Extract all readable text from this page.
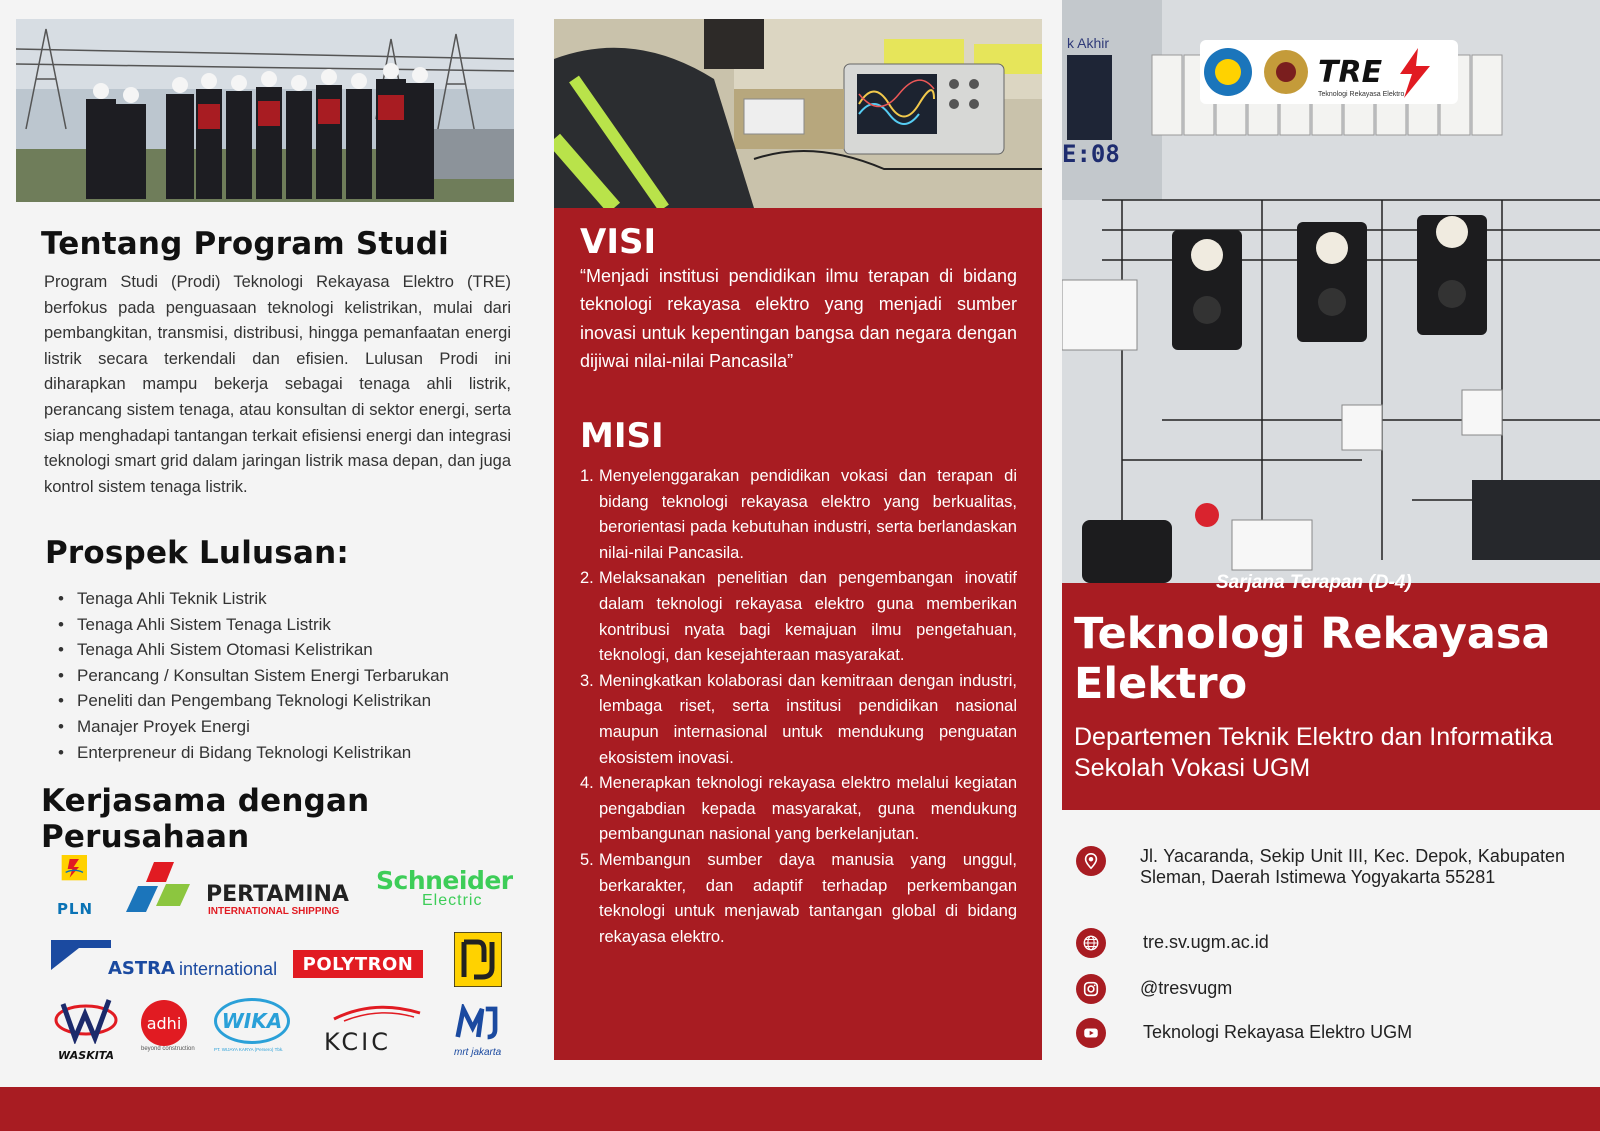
Tentang Program Studi
Program Studi (Prodi) Teknologi Rekayasa Elektro (TRE) berfokus pada penguasaan teknologi kelistrikan, mulai dari pembangkitan, transmisi, distribusi, hingga pemanfaatan energi listrik secara terkendali dan efisien. Lulusan Prodi ini diharapkan mampu bekerja sebagai tenaga ahli listrik, perancang sistem tenaga, atau konsultan di sektor energi, serta siap menghadapi tantangan terkait efisiensi energi dan integrasi teknologi smart grid dalam jaringan listrik masa depan, dan juga kontrol sistem tenaga listrik.
Prospek Lulusan:
• Tenaga Ahli Teknik Listrik
• Tenaga Ahli Sistem Tenaga Listrik
• Tenaga Ahli Sistem Otomasi Kelistrikan
• Perancang / Konsultan Sistem Energi Terbarukan
• Peneliti dan Pengembang Teknologi Kelistrikan
• Manajer Proyek Energi
• Enterpreneur di Bidang Teknologi Kelistrikan
Kerjasama dengan Perusahaan
PLN
PERTAMINA
INTERNATIONAL SHIPPING
Schneider
Electric
ASTRA international POLYTRON
WASKITA
adhi
beyond construction
WIKA
PT. WIJAYA KARYA (Persero) Tbk.	KCIC	mrt jakarta
VISI
“Menjadi institusi pendidikan ilmu terapan di bidang teknologi rekayasa elektro yang menjadi sumber inovasi untuk kepentingan bangsa dan negara dengan dijiwai nilai-nilai Pancasila”
MISI
1. Menyelenggarakan pendidikan vokasi dan terapan di bidang teknologi rekayasa elektro yang berkualitas, berorientasi pada kebutuhan industri, serta berlandaskan nilai-nilai Pancasila.
2. Melaksanakan penelitian dan pengembangan inovatif dalam teknologi rekayasa elektro guna memberikan kontribusi nyata bagi kemajuan ilmu pengetahuan, teknologi, dan kesejahteraan masyarakat.
3. Meningkatkan kolaborasi dan kemitraan dengan industri, lembaga riset, serta institusi pendidikan nasional maupun internasional untuk mendukung penguatan ekosistem inovasi.
4. Menerapkan teknologi rekayasa elektro melalui kegiatan pengabdian kepada masyarakat, guna mendukung pembangunan nasional yang berkelanjutan.
5. Membangun sumber daya manusia yang unggul, berkarakter, dan adaptif terhadap perkembangan teknologi untuk menjawab tantangan global di bidang rekayasa elektro.
k Akhir
E:08
TRE
Teknologi Rekayasa Elektro
Sarjana Terapan (D-4)
Teknologi Rekayasa
Elektro
Departemen Teknik Elektro dan Informatika
Sekolah Vokasi UGM
Jl. Yacaranda, Sekip Unit III, Kec. Depok, Kabupaten Sleman, Daerah Istimewa Yogyakarta 55281
tre.sv.ugm.ac.id
@tresvugm
Teknologi Rekayasa Elektro UGM
